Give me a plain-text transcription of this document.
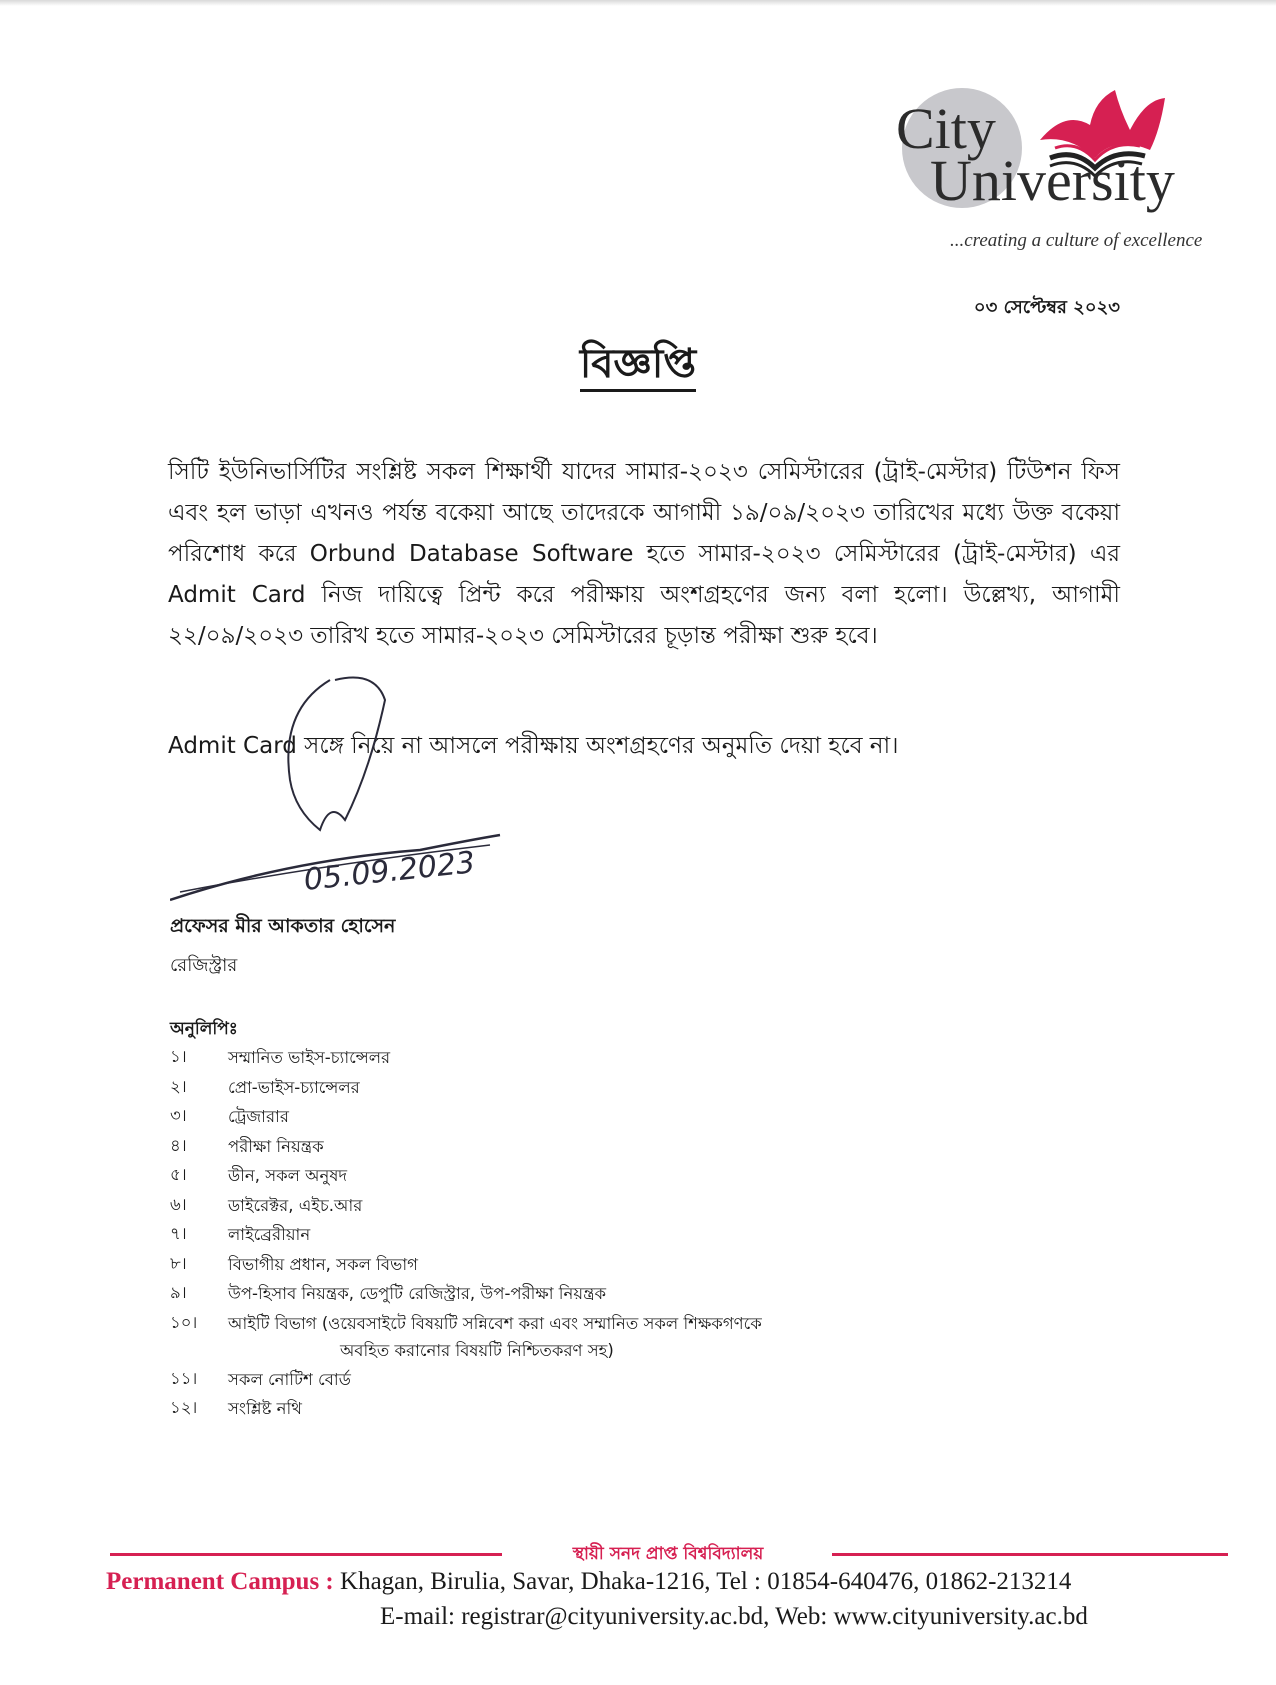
City
University
...creating a culture of excellence
০৩ সেপ্টেম্বর ২০২৩
বিজ্ঞপ্তি
সিটি ইউনিভার্সিটির সংশ্লিষ্ট সকল শিক্ষার্থী যাদের সামার-২০২৩ সেমিস্টারের (ট্রাই-মেস্টার) টিউশন ফিস এবং হল ভাড়া এখনও পর্যন্ত বকেয়া আছে তাদেরকে আগামী ১৯/০৯/২০২৩ তারিখের মধ্যে উক্ত বকেয়া পরিশোধ করে Orbund Database Software হতে সামার-২০২৩ সেমিস্টারের (ট্রাই-মেস্টার) এর Admit Card নিজ দায়িত্বে প্রিন্ট করে পরীক্ষায় অংশগ্রহণের জন্য বলা হলো। উল্লেখ্য, আগামী ২২/০৯/২০২৩ তারিখ হতে সামার-২০২৩ সেমিস্টারের চূড়ান্ত পরীক্ষা শুরু হবে।
Admit Card সঙ্গে নিয়ে না আসলে পরীক্ষায় অংশগ্রহণের অনুমতি দেয়া হবে না।
05.09.2023
প্রফেসর মীর আকতার হোসেন
রেজিস্ট্রার
অনুলিপিঃ
১।	সম্মানিত ভাইস-চ্যান্সেলর
২।	প্রো-ভাইস-চ্যান্সেলর
৩।	ট্রেজারার
৪।	পরীক্ষা নিয়ন্ত্রক
৫।	ডীন, সকল অনুষদ
৬।	ডাইরেক্টর, এইচ.আর
৭।	লাইব্রেরীয়ান
৮।	বিভাগীয় প্রধান, সকল বিভাগ
৯।	উপ-হিসাব নিয়ন্ত্রক, ডেপুটি রেজিস্ট্রার, উপ-পরীক্ষা নিয়ন্ত্রক
১০।	আইটি বিভাগ (ওয়েবসাইটে বিষয়টি সন্নিবেশ করা এবং সম্মানিত সকল শিক্ষকগণকে
অবহিত করানোর বিষয়টি নিশ্চিতকরণ সহ)
১১।	সকল নোটিশ বোর্ড
১২।	সংশ্লিষ্ট নথি
স্থায়ী সনদ প্রাপ্ত বিশ্ববিদ্যালয়
Permanent Campus : Khagan, Birulia, Savar, Dhaka-1216, Tel : 01854-640476, 01862-213214
E-mail: registrar@cityuniversity.ac.bd, Web: www.cityuniversity.ac.bd
